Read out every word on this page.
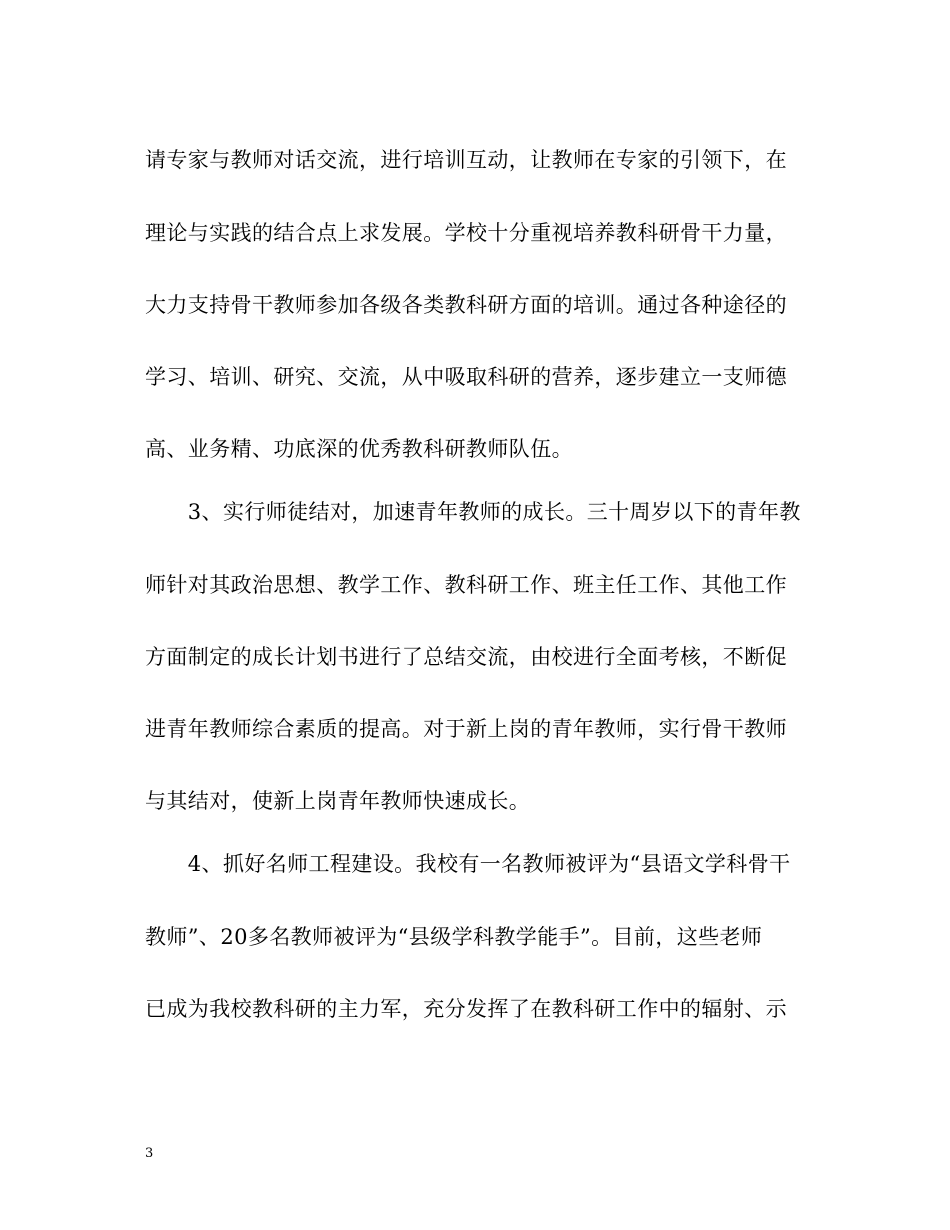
请专家与教师对话交流，进行培训互动，让教师在专家的引领下，在
理论与实践的结合点上求发展。学校十分重视培养教科研骨干力量，
大力支持骨干教师参加各级各类教科研方面的培训。通过各种途径的
学习、培训、研究、交流，从中吸取科研的营养，逐步建立一支师德
高、业务精、功底深的优秀教科研教师队伍。
　　3、实行师徒结对，加速青年教师的成长。三十周岁以下的青年教
师针对其政治思想、教学工作、教科研工作、班主任工作、其他工作
方面制定的成长计划书进行了总结交流，由校进行全面考核，不断促
进青年教师综合素质的提高。对于新上岗的青年教师，实行骨干教师
与其结对，使新上岗青年教师快速成长。
　　4、抓好名师工程建设。我校有一名教师被评为“县语文学科骨干
教师”、20多名教师被评为“县级学科教学能手”。目前，这些老师
已成为我校教科研的主力军，充分发挥了在教科研工作中的辐射、示
3
